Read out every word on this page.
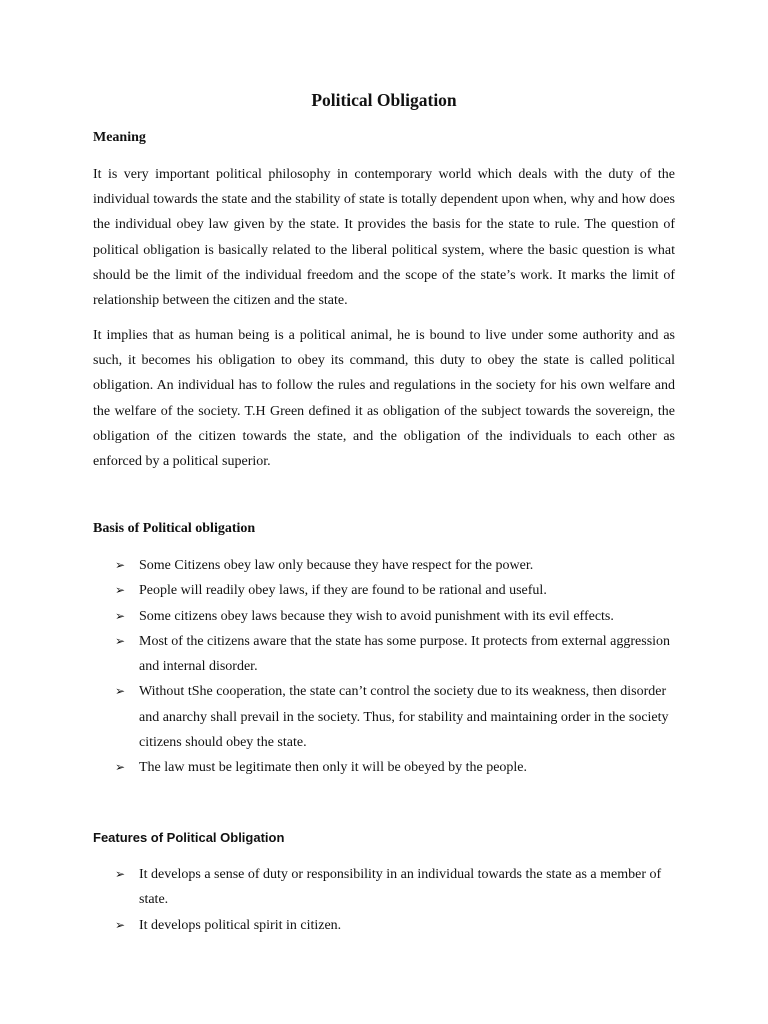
Political Obligation
Meaning

It is very important political philosophy in contemporary world which deals with the duty of the individual towards the state and the stability of state is totally dependent upon when, why and how does the individual obey law given by the state. It provides the basis for the state to rule. The question of political obligation is basically related to the liberal political system, where the basic question is what should be the limit of the individual freedom and the scope of the state’s work. It marks the limit of relationship between the citizen and the state.

It implies that as human being is a political animal, he is bound to live under some authority and as such, it becomes his obligation to obey its command, this duty to obey the state is called political obligation. An individual has to follow the rules and regulations in the society for his own welfare and the welfare of the society. T.H Green defined it as obligation of the subject towards the sovereign, the obligation of the citizen towards the state, and the obligation of the individuals to each other as enforced by a political superior.

Basis of Political obligation
➢ Some Citizens obey law only because they have respect for the power.
➢ People will readily obey laws, if they are found to be rational and useful.
➢ Some citizens obey laws because they wish to avoid punishment with its evil effects.
➢ Most of the citizens aware that the state has some purpose. It protects from external aggression and internal disorder.
➢ Without tShe cooperation, the state can’t control the society due to its weakness, then disorder and anarchy shall prevail in the society. Thus, for stability and maintaining order in the society citizens should obey the state.
➢ The law must be legitimate then only it will be obeyed by the people.
Features of Political Obligation
➢ It develops a sense of duty or responsibility in an individual towards the state as a member of state.
➢ It develops political spirit in citizen.
